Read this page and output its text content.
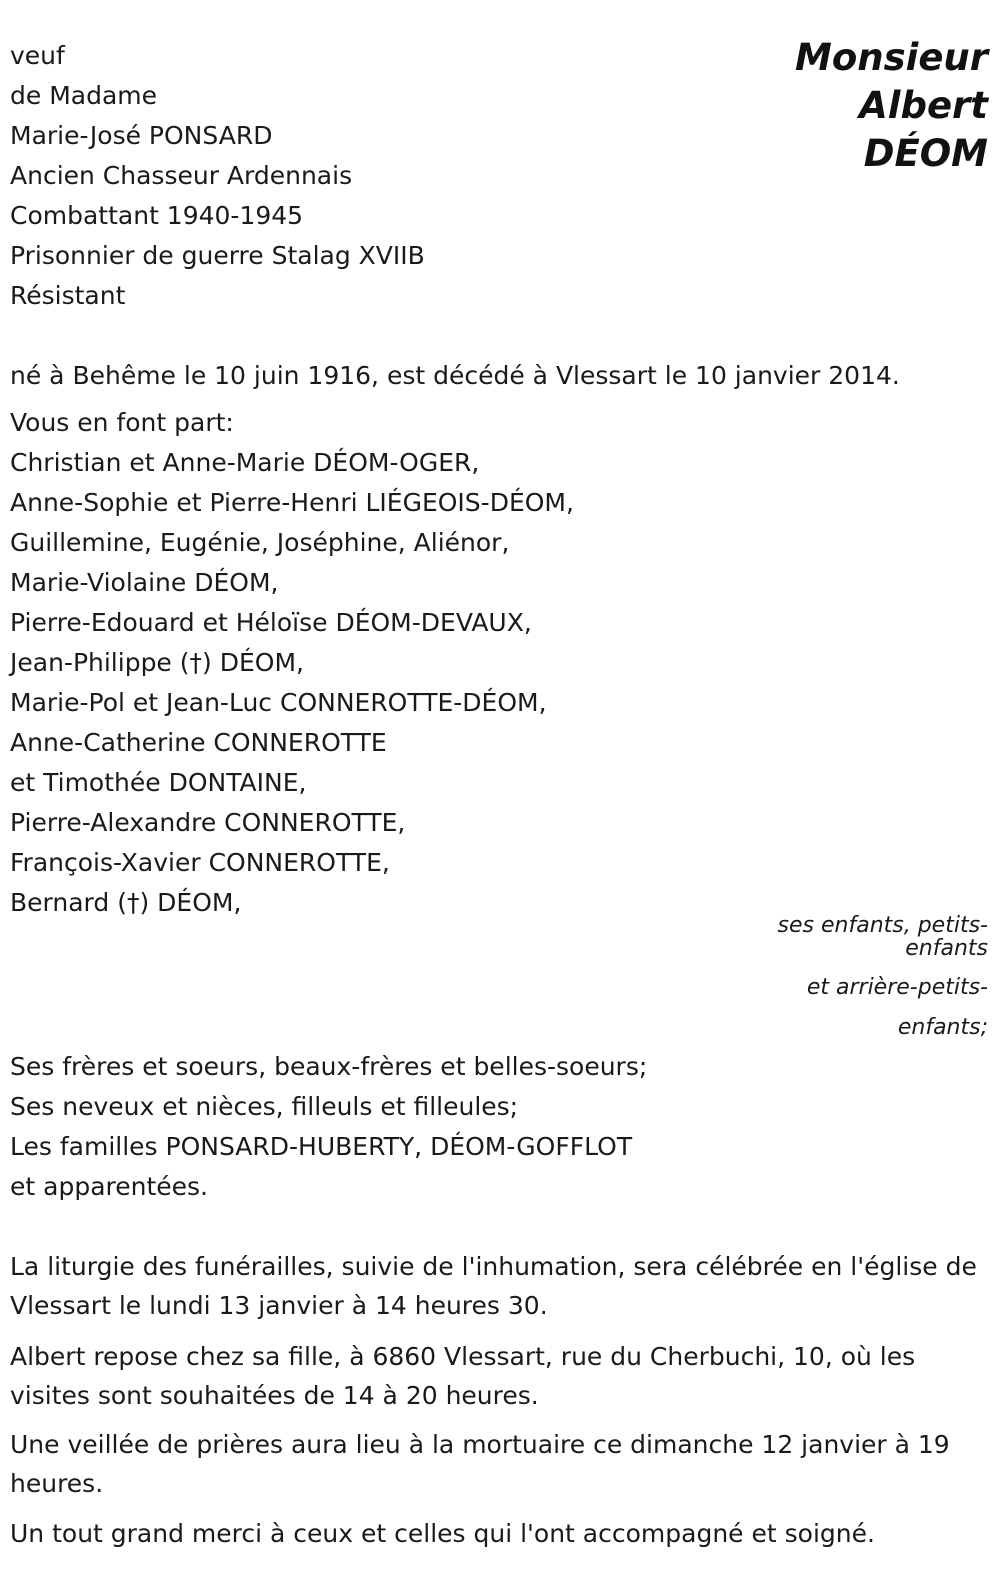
Monsieur
Albert
DÉOM
veuf
de Madame
Marie-José PONSARD
Ancien Chasseur Ardennais
Combattant 1940-1945
Prisonnier de guerre Stalag XVIIB
Résistant
né à Behême le 10 juin 1916, est décédé à Vlessart le 10 janvier 2014.
Vous en font part:
Christian et Anne-Marie DÉOM-OGER,
Anne-Sophie et Pierre-Henri LIÉGEOIS-DÉOM,
Guillemine, Eugénie, Joséphine, Aliénor,
Marie-Violaine DÉOM,
Pierre-Edouard et Héloïse DÉOM-DEVAUX,
Jean-Philippe (†) DÉOM,
Marie-Pol et Jean-Luc CONNEROTTE-DÉOM,
Anne-Catherine CONNEROTTE
et Timothée DONTAINE,
Pierre-Alexandre CONNEROTTE,
François-Xavier CONNEROTTE,
Bernard (†) DÉOM,
ses enfants, petits-
enfants
et arrière-petits-
enfants;
Ses frères et soeurs, beaux-frères et belles-soeurs;
Ses neveux et nièces, filleuls et filleules;
Les familles PONSARD-HUBERTY, DÉOM-GOFFLOT
et apparentées.
La liturgie des funérailles, suivie de l'inhumation, sera célébrée en l'église de Vlessart le lundi 13 janvier à 14 heures 30.
Albert repose chez sa fille, à 6860 Vlessart, rue du Cherbuchi, 10, où les visites sont souhaitées de 14 à 20 heures.
Une veillée de prières aura lieu à la mortuaire ce dimanche 12 janvier à 19 heures.
Un tout grand merci à ceux et celles qui l'ont accompagné et soigné.
